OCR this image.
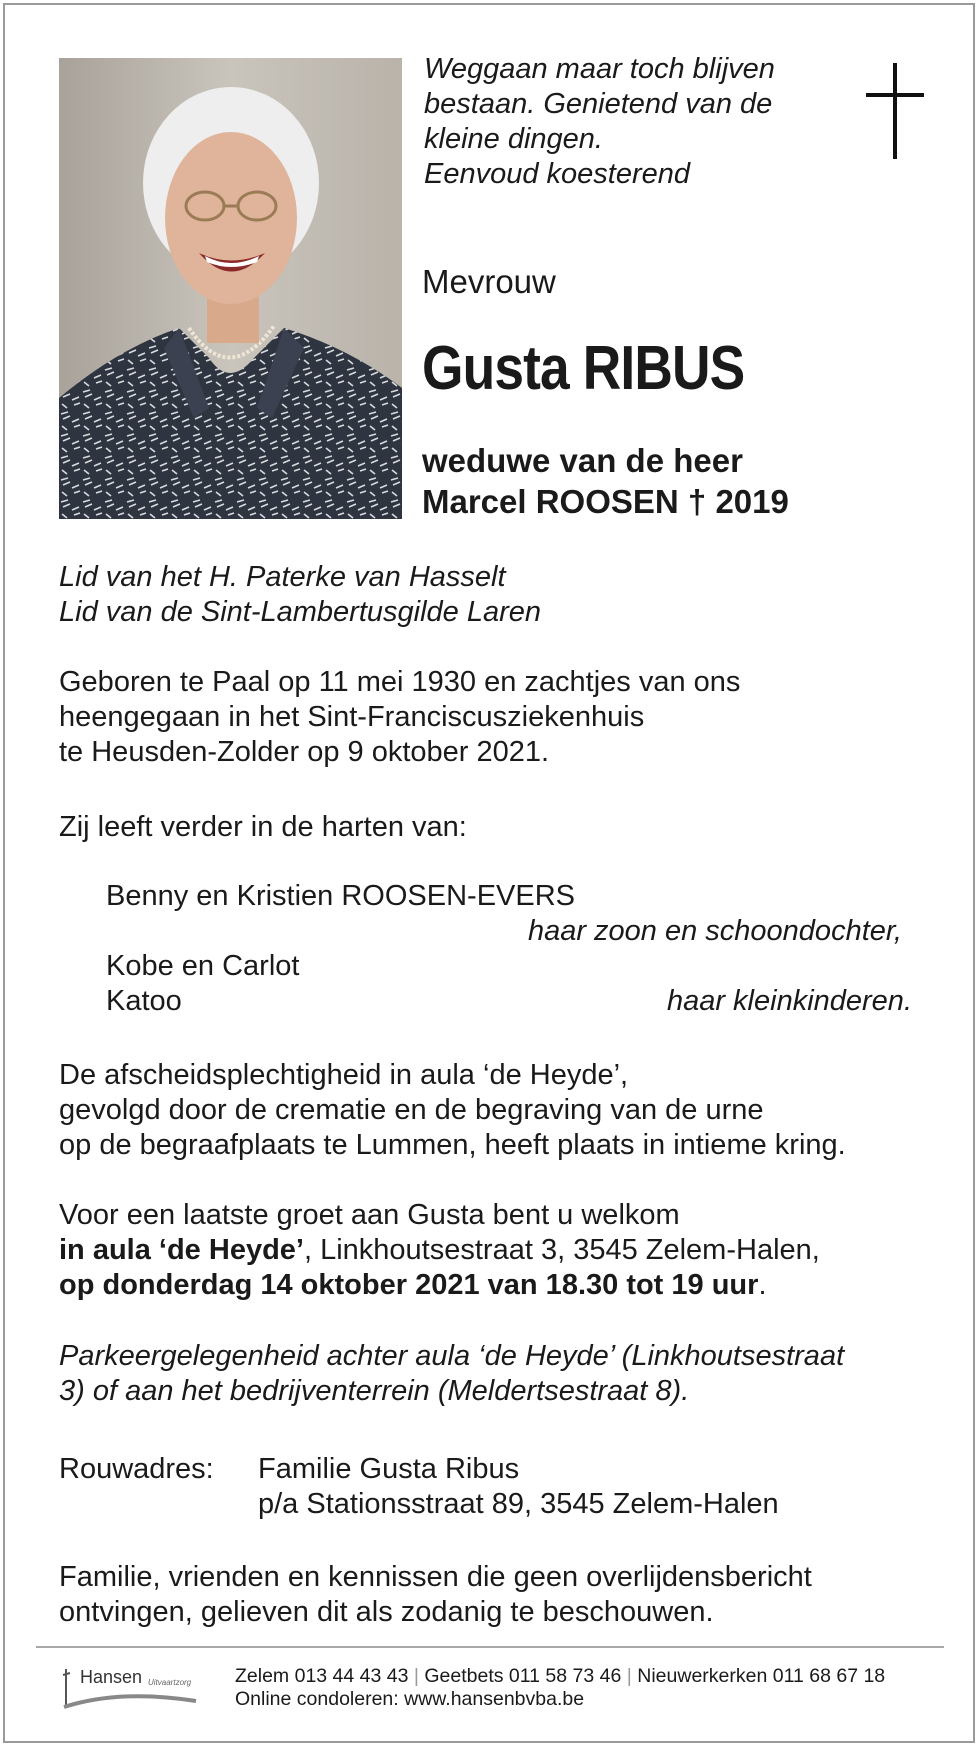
Weggaan maar toch blijven
bestaan. Genietend van de
kleine dingen.
Eenvoud koesterend
Mevrouw
Gusta RIBUS
weduwe van de heer
Marcel ROOSEN † 2019
Lid van het H. Paterke van Hasselt
Lid van de Sint-Lambertusgilde Laren
Geboren te Paal op 11 mei 1930 en zachtjes van ons
heengegaan in het Sint-Franciscusziekenhuis
te Heusden-Zolder op 9 oktober 2021.
Zij leeft verder in de harten van:
Benny en Kristien ROOSEN-EVERS
haar zoon en schoondochter,
Kobe en Carlot
Katoo	haar kleinkinderen.
De afscheidsplechtigheid in aula ‘de Heyde’,
gevolgd door de crematie en de begraving van de urne
op de begraafplaats te Lummen, heeft plaats in intieme kring.
Voor een laatste groet aan Gusta bent u welkom
in aula ‘de Heyde’, Linkhoutsestraat 3, 3545 Zelem-Halen,
op donderdag 14 oktober 2021 van 18.30 tot 19 uur.
Parkeergelegenheid achter aula ‘de Heyde’ (Linkhoutsestraat
3) of aan het bedrijventerrein (Meldertsestraat 8).
Rouwadres: Familie Gusta Ribus
p/a Stationsstraat 89, 3545 Zelem-Halen
Familie, vrienden en kennissen die geen overlijdensbericht
ontvingen, gelieven dit als zodanig te beschouwen.
Hansen Uitvaartzorg Zelem 013 44 43 43 | Geetbets 011 58 73 46 | Nieuwerkerken 011 68 67 18
Online condoleren: www.hansenbvba.be
